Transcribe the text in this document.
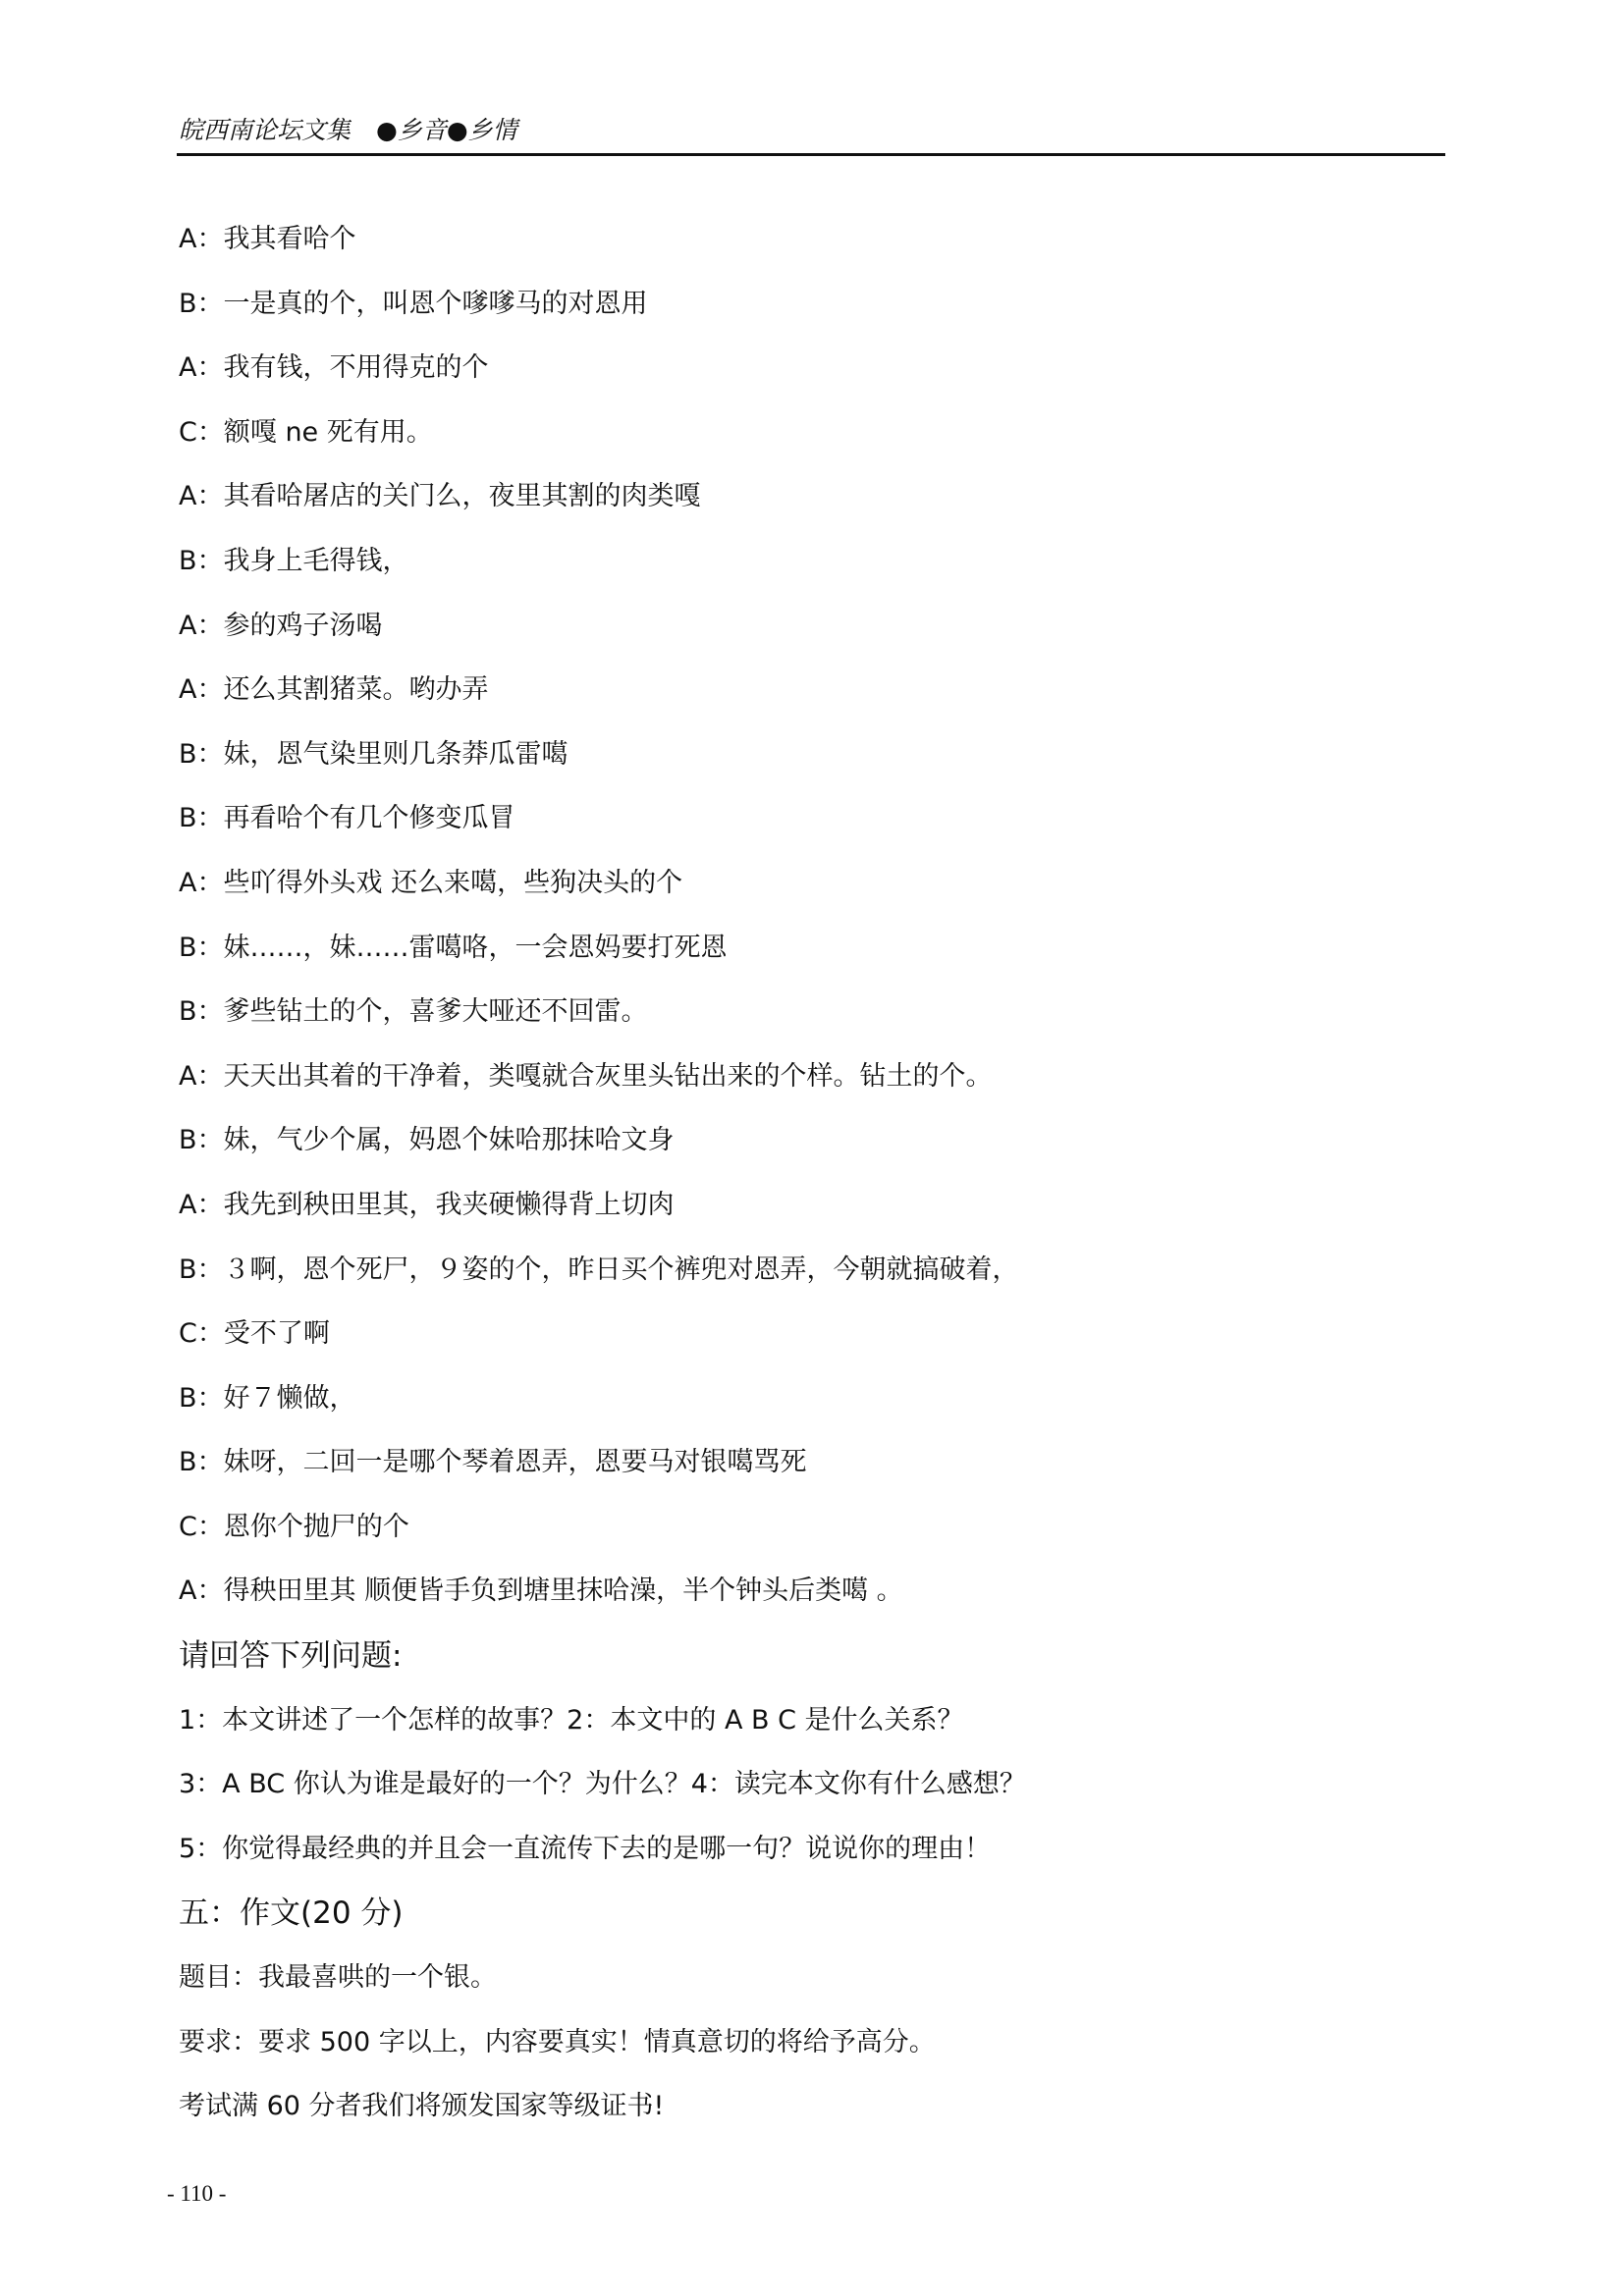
皖西南论坛文集 ●乡音●乡情
A：我其看哈个
B：一是真的个，叫恩个嗲嗲马的对恩用
A：我有钱，不用得克的个
C：额嘎 ne 死有用。
A：其看哈屠店的关门么，夜里其割的肉类嘎
B：我身上毛得钱，
A：参的鸡子汤喝
A：还么其割猪菜。哟办弄
B：妹，恩气染里则几条莽瓜雷噶
B：再看哈个有几个修变瓜冒
A：些吖得外头戏 还么来噶，些狗决头的个
B：妹……，妹……雷噶咯，一会恩妈要打死恩
B：爹些钻土的个，喜爹大哑还不回雷。
A：天天出其着的干净着，类嘎就合灰里头钻出来的个样。钻土的个。
B：妹，气少个属，妈恩个妹哈那抹哈文身
A：我先到秧田里其，我夹硬懒得背上切肉
B：３啊，恩个死尸，９姿的个，昨日买个裤兜对恩弄，今朝就搞破着，
C：受不了啊
B：好７懒做，
B：妹呀，二回一是哪个琴着恩弄，恩要马对银噶骂死
C：恩你个抛尸的个
A：得秧田里其 顺便皆手负到塘里抹哈澡，半个钟头后类噶 。
请回答下列问题:
1：本文讲述了一个怎样的故事？2：本文中的 A B C 是什么关系？
3：A BC 你认为谁是最好的一个？为什么？4：读完本文你有什么感想？
5：你觉得最经典的并且会一直流传下去的是哪一句？说说你的理由！
五：作文(20 分)
题目：我最喜哄的一个银。
要求：要求 500 字以上，内容要真实！情真意切的将给予高分。
考试满 60 分者我们将颁发国家等级证书!
- 110 -
